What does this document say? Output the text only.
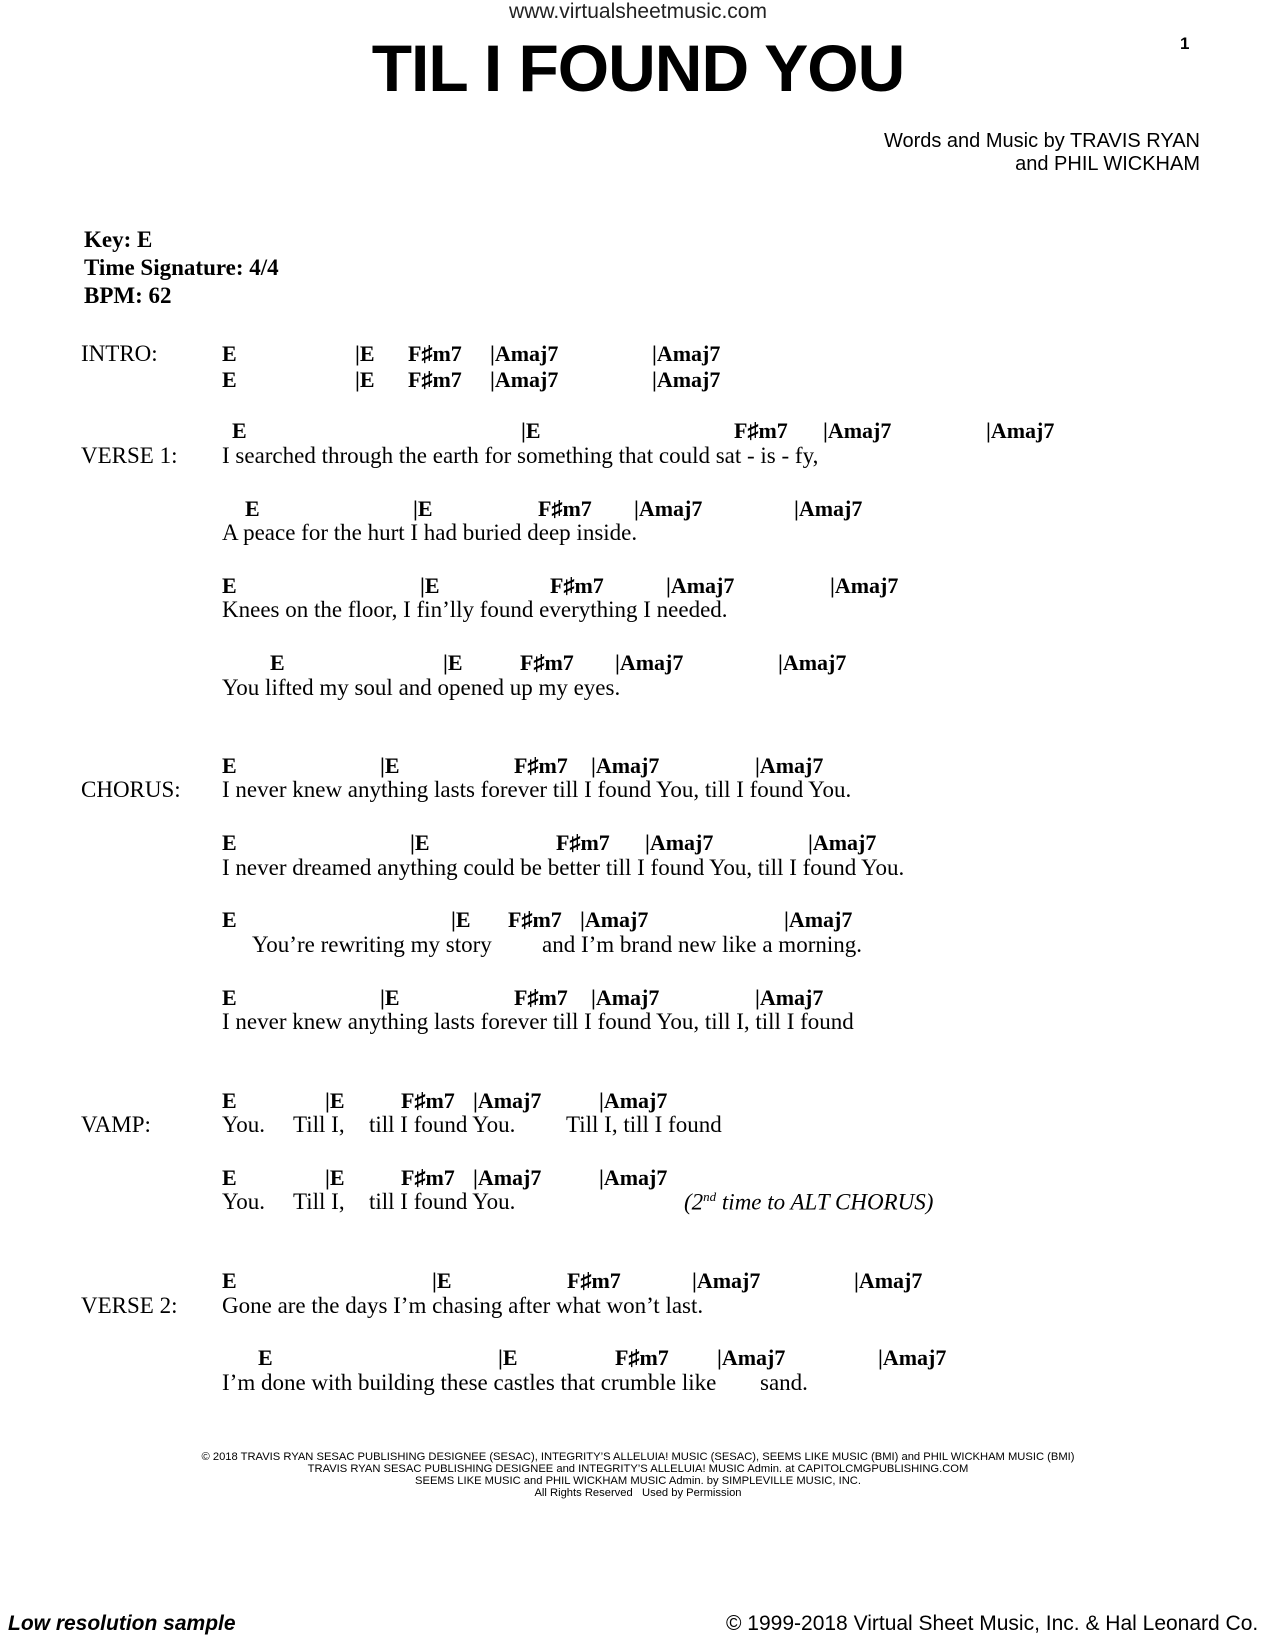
www.virtualsheetmusic.com
TIL I FOUND YOU	1
Words and Music by TRAVIS RYAN
and PHIL WICKHAM
Key: E
Time Signature: 4/4
BPM: 62
INTRO:	E	|E F♯m7 |Amaj7	|Amaj7
E	|E F♯m7 |Amaj7	|Amaj7
VERSE 1:
E	|E	F♯m7 |Amaj7	|Amaj7
I searched through the earth for something that could sat - is - fy,
E	|E	F♯m7 |Amaj7	|Amaj7
A peace for the hurt I had buried deep inside.
E	|E	F♯m7	|Amaj7	|Amaj7
Knees on the floor, I fin’lly found everything I needed.
E	|E	F♯m7 |Amaj7	|Amaj7
You lifted my soul and opened up my eyes.
CHORUS:
E	|E	F♯m7 |Amaj7	|Amaj7
I never knew anything lasts forever till I found You, till I found You.
E	|E	F♯m7 |Amaj7	|Amaj7
I never dreamed anything could be better till I found You, till I found You.
E	|E F♯m7 |Amaj7	|Amaj7
You’re rewriting my story and I’m brand new like a morning.
E	|E	F♯m7 |Amaj7	|Amaj7
I never knew anything lasts forever till I found You, till I, till I found
VAMP:
E	|E	F♯m7 |Amaj7	|Amaj7
You. Till I, till I found You. Till I, till I found
E	|E	F♯m7 |Amaj7	|Amaj7
You. Till I, till I found You.	(2nd time to ALT CHORUS)
VERSE 2:
E	|E	F♯m7	|Amaj7	|Amaj7
Gone are the days I’m chasing after what won’t last.
E	|E	F♯m7 |Amaj7	|Amaj7
I’m done with building these castles that crumble like sand.
© 2018 TRAVIS RYAN SESAC PUBLISHING DESIGNEE (SESAC), INTEGRITY’S ALLELUIA! MUSIC (SESAC), SEEMS LIKE MUSIC (BMI) and PHIL WICKHAM MUSIC (BMI)
TRAVIS RYAN SESAC PUBLISHING DESIGNEE and INTEGRITY’S ALLELUIA! MUSIC Admin. at CAPITOLCMGPUBLISHING.COM
SEEMS LIKE MUSIC and PHIL WICKHAM MUSIC Admin. by SIMPLEVILLE MUSIC, INC.
All Rights Reserved   Used by Permission
Low resolution sample	© 1999-2018 Virtual Sheet Music, Inc. & Hal Leonard Co.
